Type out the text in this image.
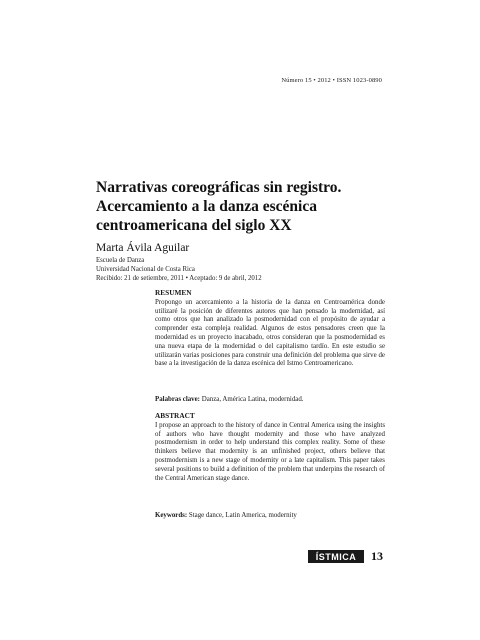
Número 15 • 2012 • ISSN 1023-0890
Narrativas coreográficas sin registro.
Acercamiento a la danza escénica
centroamericana del siglo XX
Marta Ávila Aguilar
Escuela de Danza
Universidad Nacional de Costa Rica
Recibido: 21 de setiembre, 2011 • Aceptado: 9 de abril, 2012
RESUMEN

Propongo un acercamiento a la historia de la danza en Centroamérica donde utilizaré la posición de diferentes autores que han pensado la modernidad, así como otros que han analizado la posmodernidad con el propósito de ayudar a comprender esta compleja realidad. Algunos de estos pensadores creen que la modernidad es un proyecto inacabado, otros consideran que la posmodernidad es una nueva etapa de la modernidad o del capitalismo tardío. En este estudio se utilizarán varias posiciones para construir una definición del problema que sirve de base a la investigación de la danza escénica del Istmo Centroamericano.

Palabras clave: Danza, América Latina, modernidad.

ABSTRACT

I propose an approach to the history of dance in Central America using the insights of authors who have thought modernity and those who have analyzed postmodernism in order to help understand this complex reality. Some of these thinkers believe that modernity is an unfinished project, others believe that postmodernism is a new stage of modernity or a late capitalism. This paper takes several positions to build a definition of the problem that underpins the research of the Central American stage dance.

Keywords: Stage dance, Latin America, modernity

ÍSTMICA	13
